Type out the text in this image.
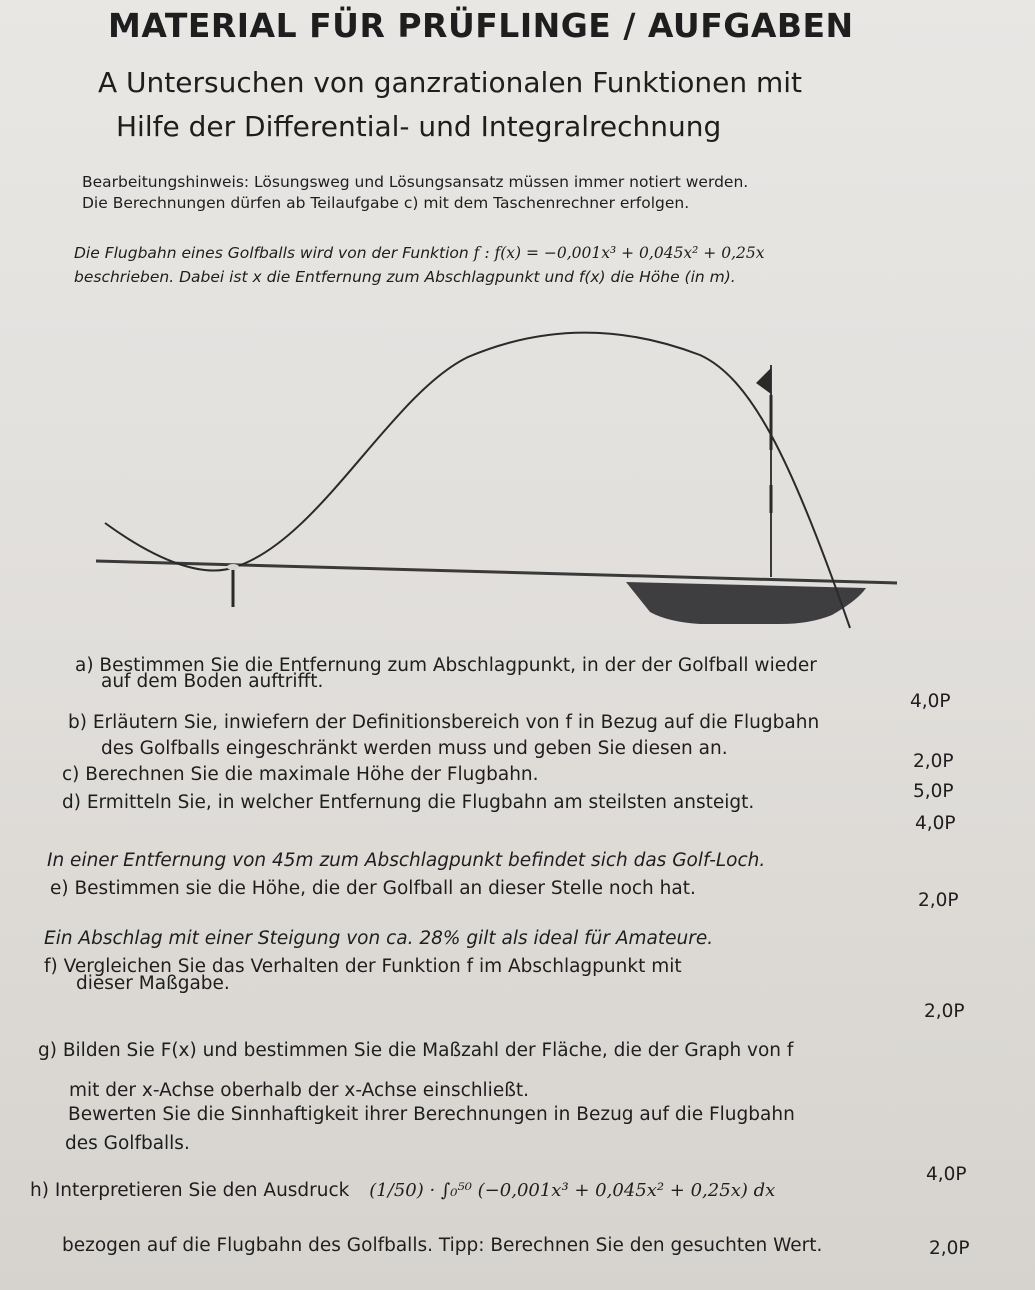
MATERIAL FÜR PRÜFLINGE / AUFGABEN
A Untersuchen von ganzrationalen Funktionen mit
Hilfe der Differential- und Integralrechnung
Bearbeitungshinweis: Lösungsweg und Lösungsansatz müssen immer notiert werden.
Die Berechnungen dürfen ab Teilaufgabe c) mit dem Taschenrechner erfolgen.
Die Flugbahn eines Golfballs wird von der Funktion f : f(x) = −0,001x³ + 0,045x² + 0,25x
beschrieben. Dabei ist x die Entfernung zum Abschlagpunkt und f(x) die Höhe (in m).
a) Bestimmen Sie die Entfernung zum Abschlagpunkt, in der der Golfball wieder
auf dem Boden auftrifft.
4,0P
b) Erläutern Sie, inwiefern der Definitionsbereich von f in Bezug auf die Flugbahn
des Golfballs eingeschränkt werden muss und geben Sie diesen an.
2,0P
c) Berechnen Sie die maximale Höhe der Flugbahn.
5,0P
d) Ermitteln Sie, in welcher Entfernung die Flugbahn am steilsten ansteigt.
4,0P
In einer Entfernung von 45m zum Abschlagpunkt befindet sich das Golf-Loch.
e) Bestimmen sie die Höhe, die der Golfball an dieser Stelle noch hat.
2,0P
Ein Abschlag mit einer Steigung von ca. 28% gilt als ideal für Amateure.
f) Vergleichen Sie das Verhalten der Funktion f im Abschlagpunkt mit
dieser Maßgabe.
2,0P
g) Bilden Sie F(x) und bestimmen Sie die Maßzahl der Fläche, die der Graph von f
mit der x-Achse oberhalb der x-Achse einschließt.
Bewerten Sie die Sinnhaftigkeit ihrer Berechnungen in Bezug auf die Flugbahn
des Golfballs.
4,0P
h) Interpretieren Sie den Ausdruck (1/50) · ∫₀⁵⁰ (−0,001x³ + 0,045x² + 0,25x) dx
bezogen auf die Flugbahn des Golfballs. Tipp: Berechnen Sie den gesuchten Wert.	2,0P
